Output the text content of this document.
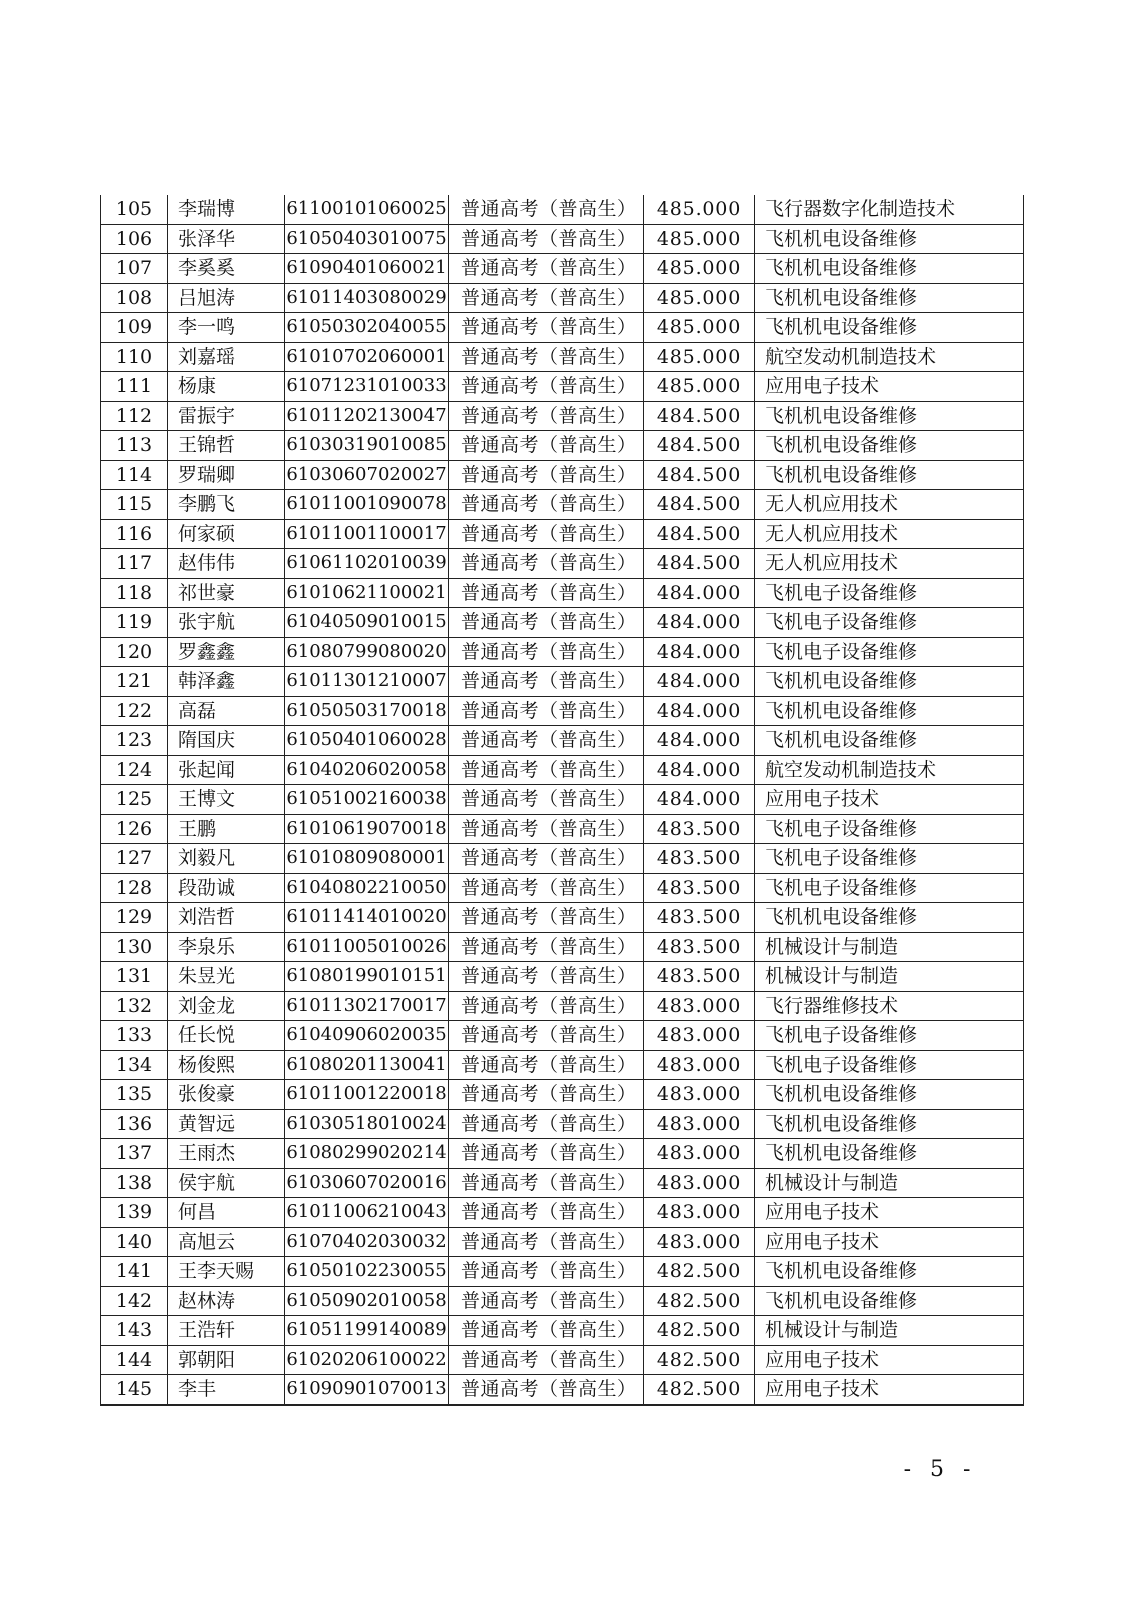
105	李瑞博	61100101060025	普通高考（普高生）	485.000	飞行器数字化制造技术
106	张泽华	61050403010075	普通高考（普高生）	485.000	飞机机电设备维修
107	李奚奚	61090401060021	普通高考（普高生）	485.000	飞机机电设备维修
108	吕旭涛	61011403080029	普通高考（普高生）	485.000	飞机机电设备维修
109	李一鸣	61050302040055	普通高考（普高生）	485.000	飞机机电设备维修
110	刘嘉瑶	61010702060001	普通高考（普高生）	485.000	航空发动机制造技术
111	杨康	61071231010033	普通高考（普高生）	485.000	应用电子技术
112	雷振宇	61011202130047	普通高考（普高生）	484.500	飞机机电设备维修
113	王锦哲	61030319010085	普通高考（普高生）	484.500	飞机机电设备维修
114	罗瑞卿	61030607020027	普通高考（普高生）	484.500	飞机机电设备维修
115	李鹏飞	61011001090078	普通高考（普高生）	484.500	无人机应用技术
116	何家硕	61011001100017	普通高考（普高生）	484.500	无人机应用技术
117	赵伟伟	61061102010039	普通高考（普高生）	484.500	无人机应用技术
118	祁世豪	61010621100021	普通高考（普高生）	484.000	飞机电子设备维修
119	张宇航	61040509010015	普通高考（普高生）	484.000	飞机电子设备维修
120	罗鑫鑫	61080799080020	普通高考（普高生）	484.000	飞机电子设备维修
121	韩泽鑫	61011301210007	普通高考（普高生）	484.000	飞机机电设备维修
122	高磊	61050503170018	普通高考（普高生）	484.000	飞机机电设备维修
123	隋国庆	61050401060028	普通高考（普高生）	484.000	飞机机电设备维修
124	张起闻	61040206020058	普通高考（普高生）	484.000	航空发动机制造技术
125	王博文	61051002160038	普通高考（普高生）	484.000	应用电子技术
126	王鹏	61010619070018	普通高考（普高生）	483.500	飞机电子设备维修
127	刘毅凡	61010809080001	普通高考（普高生）	483.500	飞机电子设备维修
128	段劭诚	61040802210050	普通高考（普高生）	483.500	飞机电子设备维修
129	刘浩哲	61011414010020	普通高考（普高生）	483.500	飞机机电设备维修
130	李泉乐	61011005010026	普通高考（普高生）	483.500	机械设计与制造
131	朱昱光	61080199010151	普通高考（普高生）	483.500	机械设计与制造
132	刘金龙	61011302170017	普通高考（普高生）	483.000	飞行器维修技术
133	任长悦	61040906020035	普通高考（普高生）	483.000	飞机电子设备维修
134	杨俊熙	61080201130041	普通高考（普高生）	483.000	飞机电子设备维修
135	张俊豪	61011001220018	普通高考（普高生）	483.000	飞机机电设备维修
136	黄智远	61030518010024	普通高考（普高生）	483.000	飞机机电设备维修
137	王雨杰	61080299020214	普通高考（普高生）	483.000	飞机机电设备维修
138	侯宇航	61030607020016	普通高考（普高生）	483.000	机械设计与制造
139	何昌	61011006210043	普通高考（普高生）	483.000	应用电子技术
140	高旭云	61070402030032	普通高考（普高生）	483.000	应用电子技术
141	王李天赐	61050102230055	普通高考（普高生）	482.500	飞机机电设备维修
142	赵林涛	61050902010058	普通高考（普高生）	482.500	飞机机电设备维修
143	王浩轩	61051199140089	普通高考（普高生）	482.500	机械设计与制造
144	郭朝阳	61020206100022	普通高考（普高生）	482.500	应用电子技术
145	李丰	61090901070013	普通高考（普高生）	482.500	应用电子技术
- 5 -
